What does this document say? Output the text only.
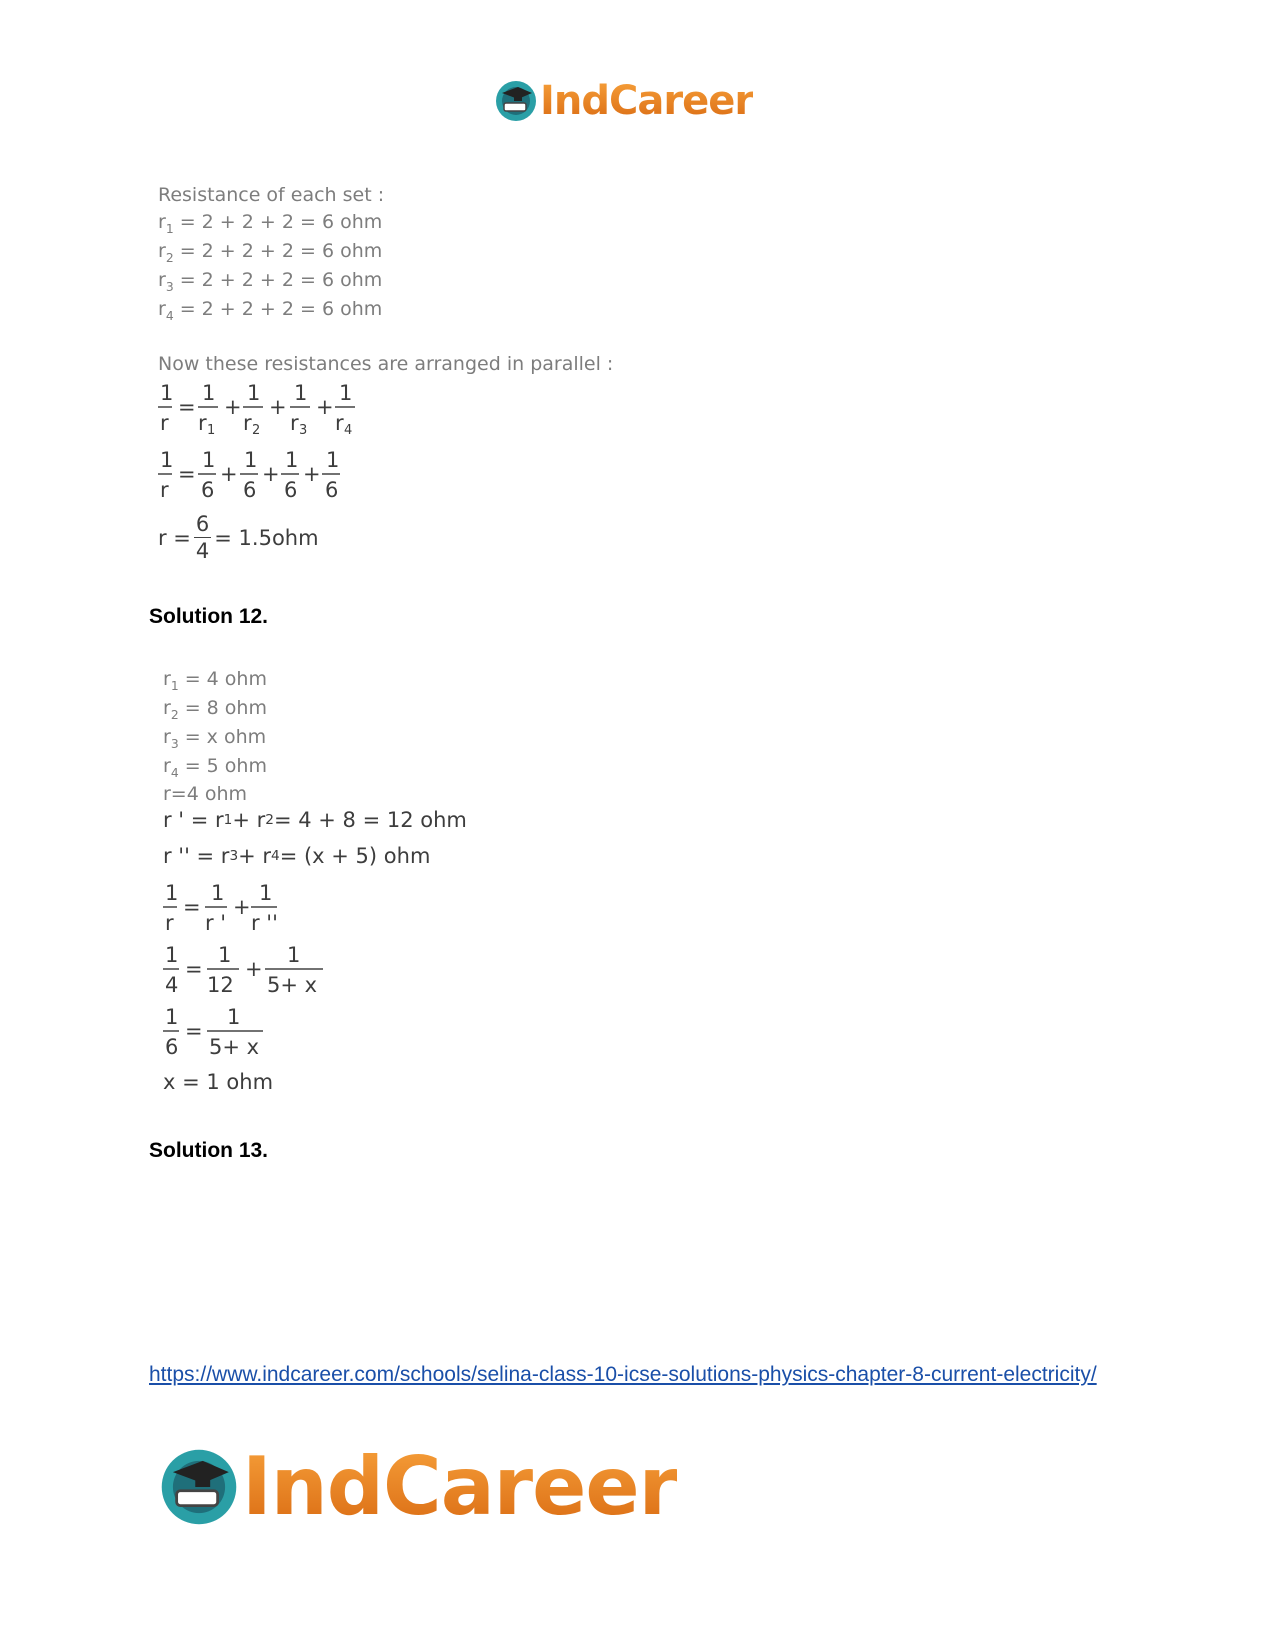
IndCareer
Resistance of each set :
$r_1 = 2 + 2 + 2 = 6$ ohm
$r_2 = 2 + 2 + 2 = 6$ ohm
$r_3 = 2 + 2 + 2 = 6$ ohm
$r_4 = 2 + 2 + 2 = 6$ ohm
Now these resistances are arranged in parallel :
1
r
=
1
r 1
+
1
r 2
+
1
r 3
+
1
r 4
1
r
=
1
6
+
1
6
+
1
6
+
1
6
$r = \frac{6}{4} = 1.5ohm$
Solution 12.
$r_1 = 4$ ohm
$r_2 = 8$ ohm
$r_3 = x$ ohm
$r_4 = 5$ ohm
r=4 ohm
r ' = r 1 + r 2 = 4 + 8 = 12 ohm
r '' = r 3 + r 4 = (x + 5) ohm
1
r
=
1
r '
+
1
r ''
1
4
=
1
12
+
1
5+ x
1
6
=
1
5+ x
x = 1 ohm
Solution 13.
https://www.indcareer.com/schools/selina-class-10-icse-solutions-physics-chapter-8-current-electricity/
IndCareer
